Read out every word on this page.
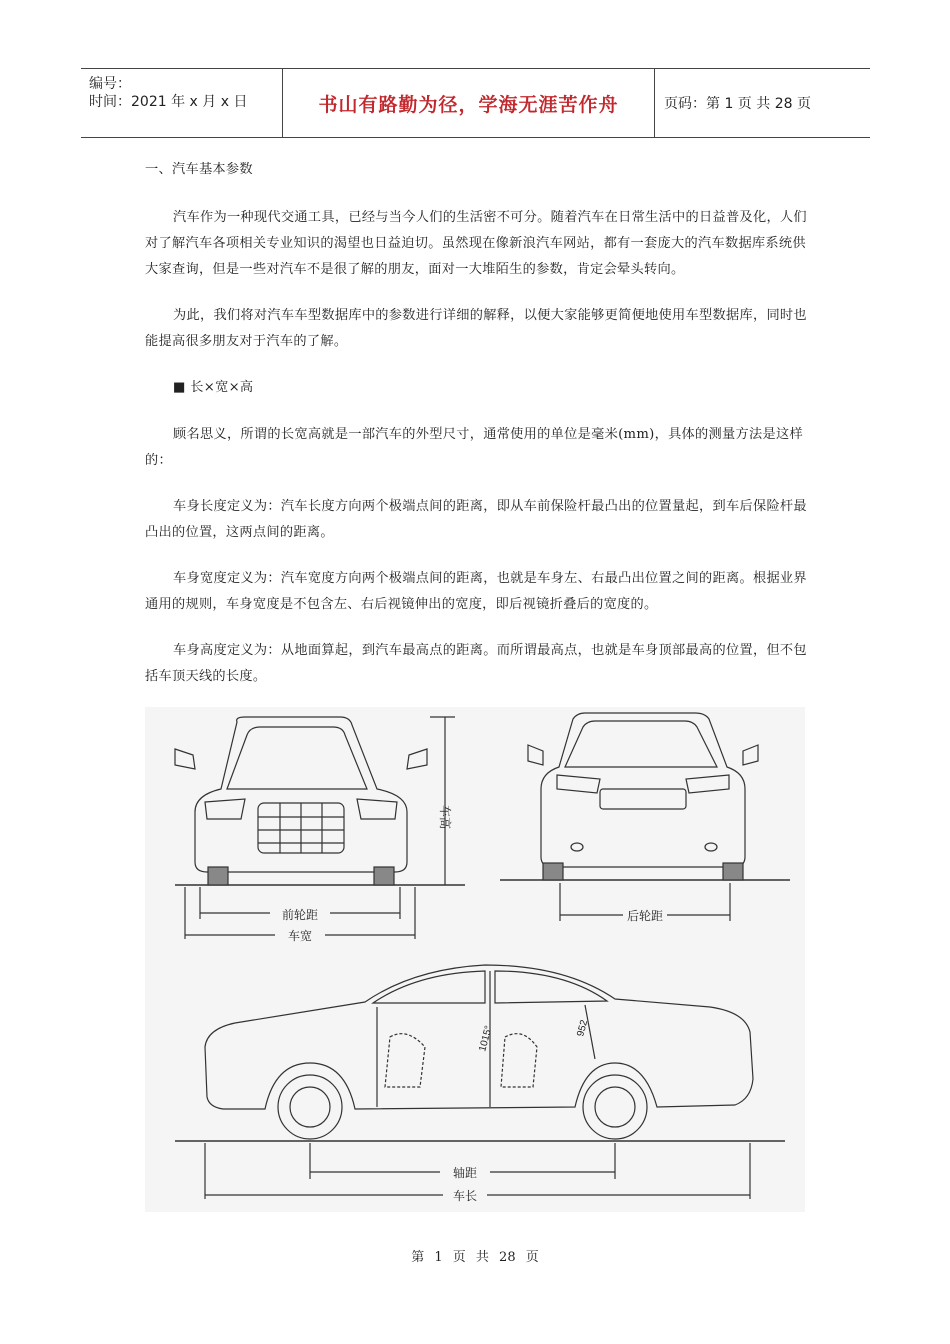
编号：
时间：2021 年 x 月 x 日	书山有路勤为径，学海无涯苦作舟	页码：第 1 页 共 28 页

一、汽车基本参数

汽车作为一种现代交通工具，已经与当今人们的生活密不可分。随着汽车在日常生活中的日益普及化，人们对了解汽车各项相关专业知识的渴望也日益迫切。虽然现在像新浪汽车网站，都有一套庞大的汽车数据库系统供大家查询，但是一些对汽车不是很了解的朋友，面对一大堆陌生的参数，肯定会晕头转向。

为此，我们将对汽车车型数据库中的参数进行详细的解释，以便大家能够更简便地使用车型数据库，同时也能提高很多朋友对于汽车的了解。

■ 长×宽×高

顾名思义，所谓的长宽高就是一部汽车的外型尺寸，通常使用的单位是毫米(mm)，具体的测量方法是这样的：

车身长度定义为：汽车长度方向两个极端点间的距离，即从车前保险杆最凸出的位置量起，到车后保险杆最凸出的位置，这两点间的距离。

车身宽度定义为：汽车宽度方向两个极端点间的距离，也就是车身左、右最凸出位置之间的距离。根据业界通用的规则，车身宽度是不包含左、右后视镜伸出的宽度，即后视镜折叠后的宽度的。

车身高度定义为：从地面算起，到汽车最高点的距离。而所谓最高点，也就是车身顶部最高的位置，但不包括车顶天线的长度。

前轮距
车宽
后轮距
轴距
车长
车高
1015°	952
第 1 页 共 28 页
